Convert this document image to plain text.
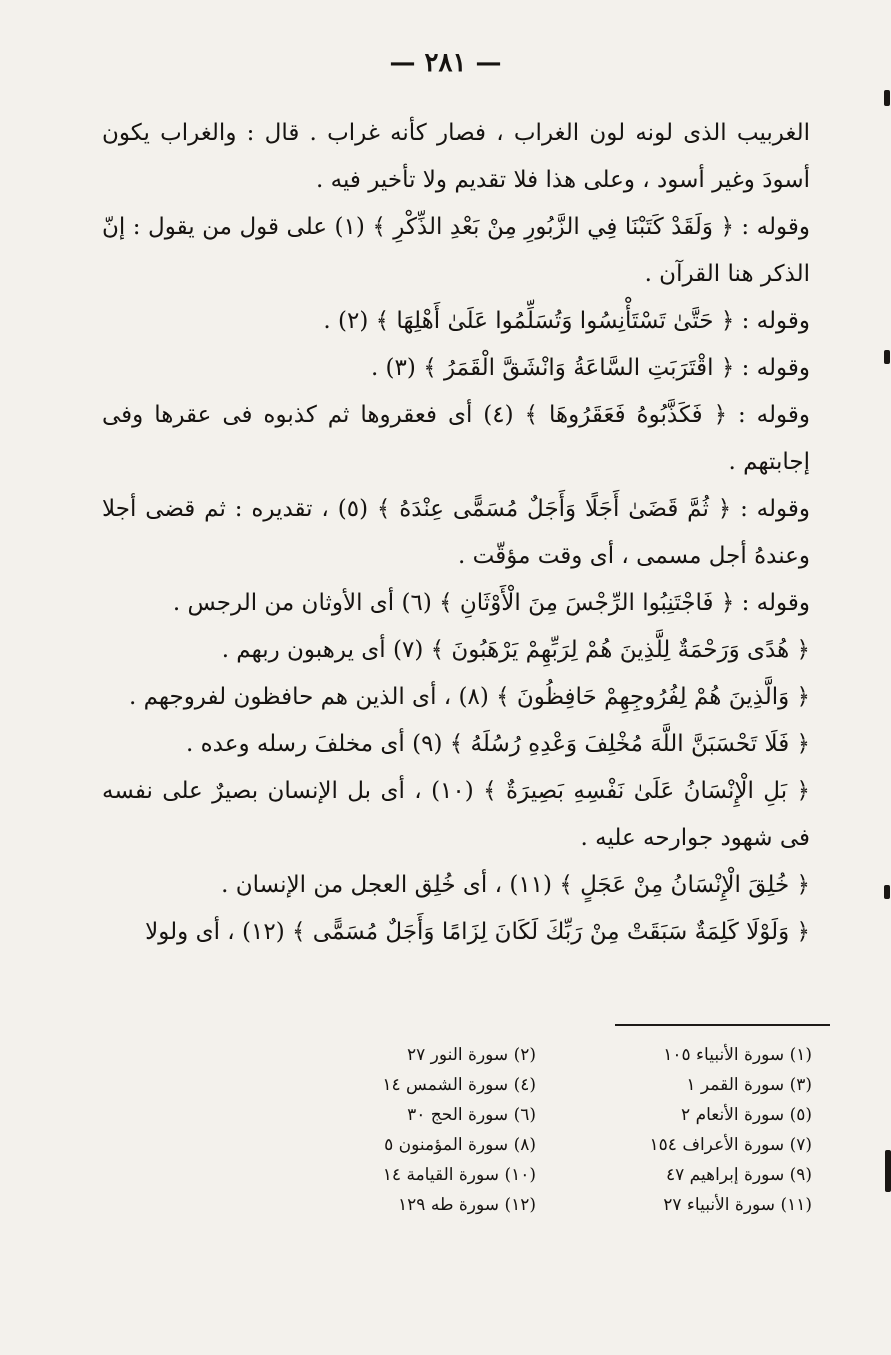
— ٢٨١ —

الغربيب الذى لونه لون الغراب ، فصار كأنه غراب . قال : والغراب يكون أسودَ وغير أسود ، وعلى هذا فلا تقديم ولا تأخير فيه .

وقوله : ﴿ وَلَقَدْ كَتَبْنَا فِي الزَّبُورِ مِنْ بَعْدِ الذِّكْرِ ﴾ (١) على قول من يقول : إنّ الذكر هنا القرآن .

وقوله : ﴿ حَتَّىٰ تَسْتَأْنِسُوا وَتُسَلِّمُوا عَلَىٰ أَهْلِهَا ﴾ (٢) .

وقوله : ﴿ اقْتَرَبَتِ السَّاعَةُ وَانْشَقَّ الْقَمَرُ ﴾ (٣) .

وقوله : ﴿ فَكَذَّبُوهُ فَعَقَرُوهَا ﴾ (٤) أى فعقروها ثم كذبوه فى عقرها وفى إجابتهم .

وقوله : ﴿ ثُمَّ قَضَىٰ أَجَلًا وَأَجَلٌ مُسَمًّى عِنْدَهُ ﴾ (٥) ، تقديره : ثم قضى أجلا وعندهُ أجل مسمى ، أى وقت مؤقّت .

وقوله : ﴿ فَاجْتَنِبُوا الرِّجْسَ مِنَ الْأَوْثَانِ ﴾ (٦) أى الأوثان من الرجس .

﴿ هُدًى وَرَحْمَةٌ لِلَّذِينَ هُمْ لِرَبِّهِمْ يَرْهَبُونَ ﴾ (٧) أى يرهبون ربهم .

﴿ وَالَّذِينَ هُمْ لِفُرُوجِهِمْ حَافِظُونَ ﴾ (٨) ، أى الذين هم حافظون لفروجهم .

﴿ فَلَا تَحْسَبَنَّ اللَّهَ مُخْلِفَ وَعْدِهِ رُسُلَهُ ﴾ (٩) أى مخلفَ رسله وعده .

﴿ بَلِ الْإِنْسَانُ عَلَىٰ نَفْسِهِ بَصِيرَةٌ ﴾ (١٠) ، أى بل الإنسان بصيرٌ على نفسه فى شهود جوارحه عليه .

﴿ خُلِقَ الْإِنْسَانُ مِنْ عَجَلٍ ﴾ (١١) ، أى خُلِق العجل من الإنسان .

﴿ وَلَوْلَا كَلِمَةٌ سَبَقَتْ مِنْ رَبِّكَ لَكَانَ لِزَامًا وَأَجَلٌ مُسَمًّى ﴾ (١٢) ، أى ولولا

(١) سورة الأنبياء ١٠٥
(٢) سورة النور ٢٧
(٣) سورة القمر ١
(٤) سورة الشمس ١٤
(٥) سورة الأنعام ٢
(٦) سورة الحج ٣٠
(٧) سورة الأعراف ١٥٤
(٨) سورة المؤمنون ٥
(٩) سورة إبراهيم ٤٧
(١٠) سورة القيامة ١٤
(١١) سورة الأنبياء ٢٧
(١٢) سورة طه ١٢٩
